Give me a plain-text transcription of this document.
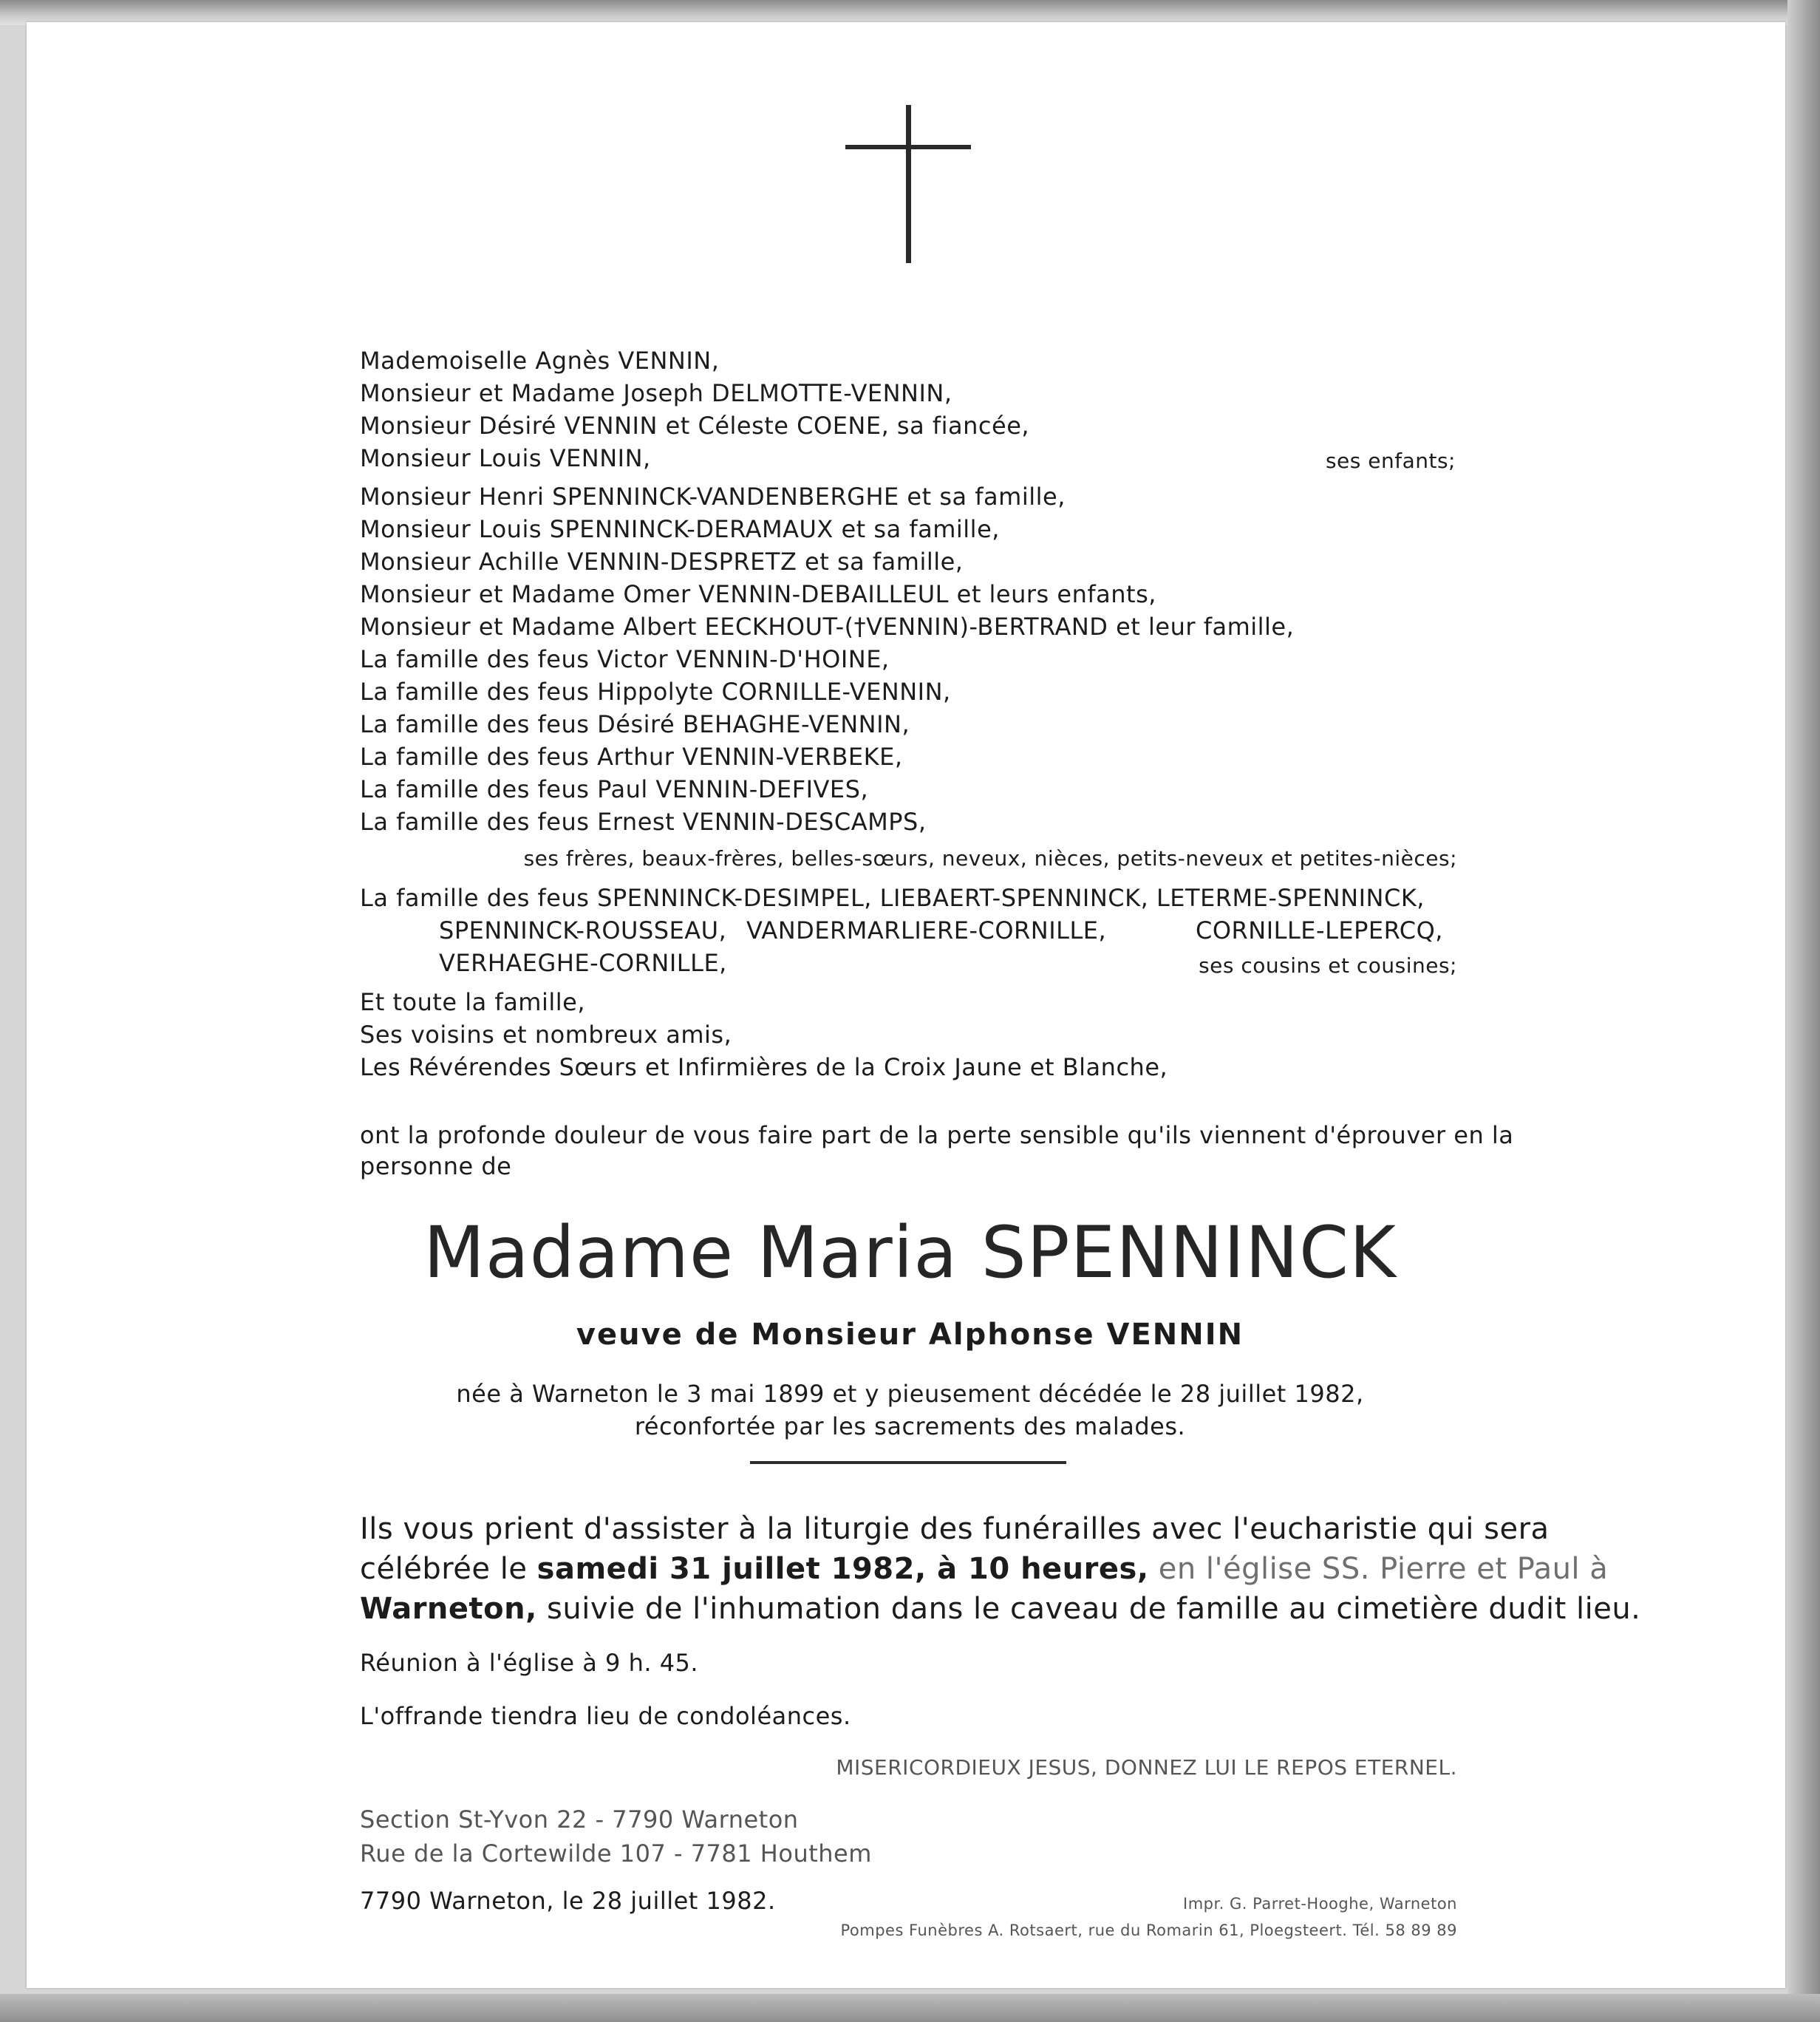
Mademoiselle Agnès VENNIN,
Monsieur et Madame Joseph DELMOTTE-VENNIN,
Monsieur Désiré VENNIN et Céleste COENE, sa fiancée,
Monsieur Louis VENNIN,	ses enfants;
Monsieur Henri SPENNINCK-VANDENBERGHE et sa famille,
Monsieur Louis SPENNINCK-DERAMAUX et sa famille,
Monsieur Achille VENNIN-DESPRETZ et sa famille,
Monsieur et Madame Omer VENNIN-DEBAILLEUL et leurs enfants,
Monsieur et Madame Albert EECKHOUT-(†VENNIN)-BERTRAND et leur famille,
La famille des feus Victor VENNIN-D'HOINE,
La famille des feus Hippolyte CORNILLE-VENNIN,
La famille des feus Désiré BEHAGHE-VENNIN,
La famille des feus Arthur VENNIN-VERBEKE,
La famille des feus Paul VENNIN-DEFIVES,
La famille des feus Ernest VENNIN-DESCAMPS,
ses frères, beaux-frères, belles-sœurs, neveux, nièces, petits-neveux et petites-nièces;
La famille des feus SPENNINCK-DESIMPEL, LIEBAERT-SPENNINCK, LETERME-SPENNINCK,
SPENNINCK-ROUSSEAU, VANDERMARLIERE-CORNILLE,	CORNILLE-LEPERCQ,
VERHAEGHE-CORNILLE,	ses cousins et cousines;
Et toute la famille,
Ses voisins et nombreux amis,
Les Révérendes Sœurs et Infirmières de la Croix Jaune et Blanche,
ont la profonde douleur de vous faire part de la perte sensible qu'ils viennent d'éprouver en la
personne de
Madame Maria SPENNINCK
veuve de Monsieur Alphonse VENNIN
née à Warneton le 3 mai 1899 et y pieusement décédée le 28 juillet 1982,
réconfortée par les sacrements des malades.
Ils vous prient d'assister à la liturgie des funérailles avec l'eucharistie qui sera
célébrée le samedi 31 juillet 1982, à 10 heures, en l'église SS. Pierre et Paul à
Warneton, suivie de l'inhumation dans le caveau de famille au cimetière dudit lieu.
Réunion à l'église à 9 h. 45.
L'offrande tiendra lieu de condoléances.
MISERICORDIEUX JESUS, DONNEZ LUI LE REPOS ETERNEL.
Section St-Yvon 22 - 7790 Warneton
Rue de la Cortewilde 107 - 7781 Houthem
7790 Warneton, le 28 juillet 1982.	Impr. G. Parret-Hooghe, Warneton
Pompes Funèbres A. Rotsaert, rue du Romarin 61, Ploegsteert. Tél. 58 89 89
